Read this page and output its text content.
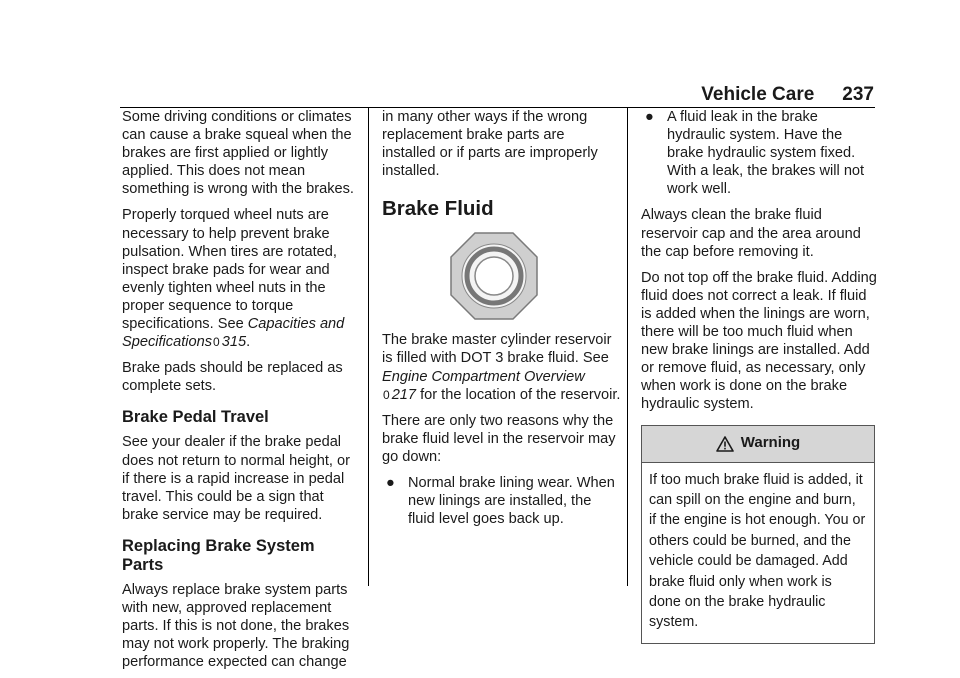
Vehicle Care 237

Some driving conditions or climates can cause a brake squeal when the brakes are first applied or lightly applied. This does not mean something is wrong with the brakes.

Properly torqued wheel nuts are necessary to help prevent brake pulsation. When tires are rotated, inspect brake pads for wear and evenly tighten wheel nuts in the proper sequence to torque specifications. See Capacities and Specifications0 315.

Brake pads should be replaced as complete sets.

Brake Pedal Travel

See your dealer if the brake pedal does not return to normal height, or if there is a rapid increase in pedal travel. This could be a sign that brake service may be required.

Replacing Brake System Parts

Always replace brake system parts with new, approved replacement parts. If this is not done, the brakes may not work properly. The braking performance expected can change

in many other ways if the wrong replacement brake parts are installed or if parts are improperly installed.

Brake Fluid

The brake master cylinder reservoir is filled with DOT 3 brake fluid. See Engine Compartment Overview
0 217 for the location of the reservoir.

There are only two reasons why the brake fluid level in the reservoir may go down:

● Normal brake lining wear. When new linings are installed, the fluid level goes back up.
● A fluid leak in the brake hydraulic system. Have the brake hydraulic system fixed. With a leak, the brakes will not work well.

Always clean the brake fluid reservoir cap and the area around the cap before removing it.

Do not top off the brake fluid. Adding fluid does not correct a leak. If fluid is added when the linings are worn, there will be too much fluid when new brake linings are installed. Add or remove fluid, as necessary, only when work is done on the brake hydraulic system.

Warning
If too much brake fluid is added, it can spill on the engine and burn, if the engine is hot enough. You or others could be burned, and the vehicle could be damaged. Add brake fluid only when work is done on the brake hydraulic system.
